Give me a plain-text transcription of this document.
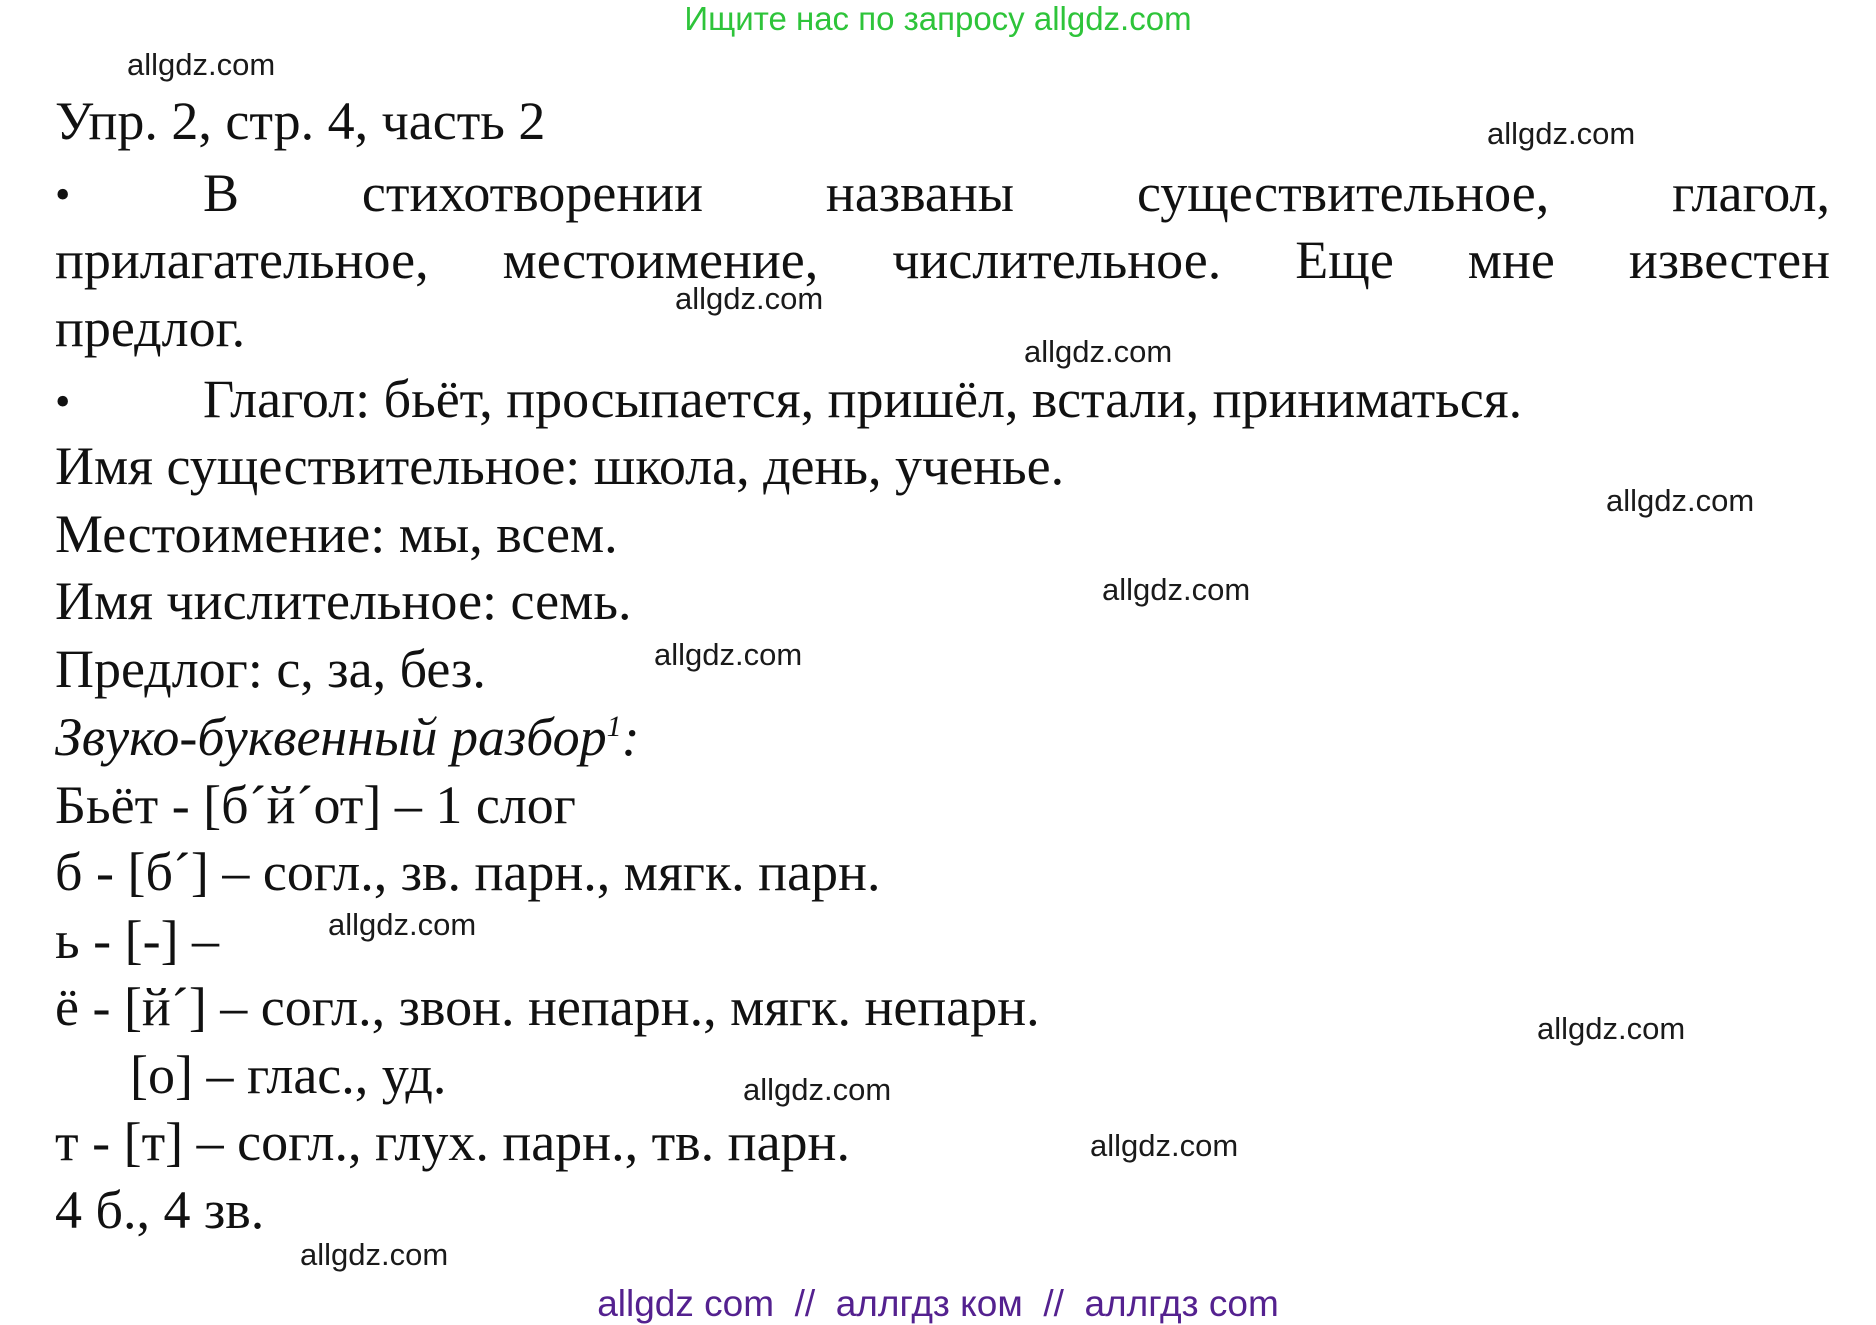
Ищите нас по запросу allgdz.com
allgdz.com
allgdz.com
allgdz.com
allgdz.com
allgdz.com
allgdz.com
allgdz.com
allgdz.com
allgdz.com
allgdz.com
allgdz.com
allgdz.com
Упр. 2, стр. 4, часть 2
• В стихотворении названы существительное, глагол,
прилагательное, местоимение, числительное. Еще мне известен
предлог.
• Глагол: бьёт, просыпается, пришёл, встали, приниматься.
Имя существительное: школа, день, ученье.
Местоимение: мы, всем.
Имя числительное: семь.
Предлог: с, за, без.
Звуко-буквенный разбор$^1$:
Бьёт - [б´й´от] – 1 слог
б - [б´] – согл., зв. парн., мягк. парн.
ь - [-] –
ё - [й´] – согл., звон. непарн., мягк. непарн.
[о] – глас., уд.
т - [т] – согл., глух. парн., тв. парн.
4 б., 4 зв.
allgdz com  //  аллгдз ком  //  аллгдз com
